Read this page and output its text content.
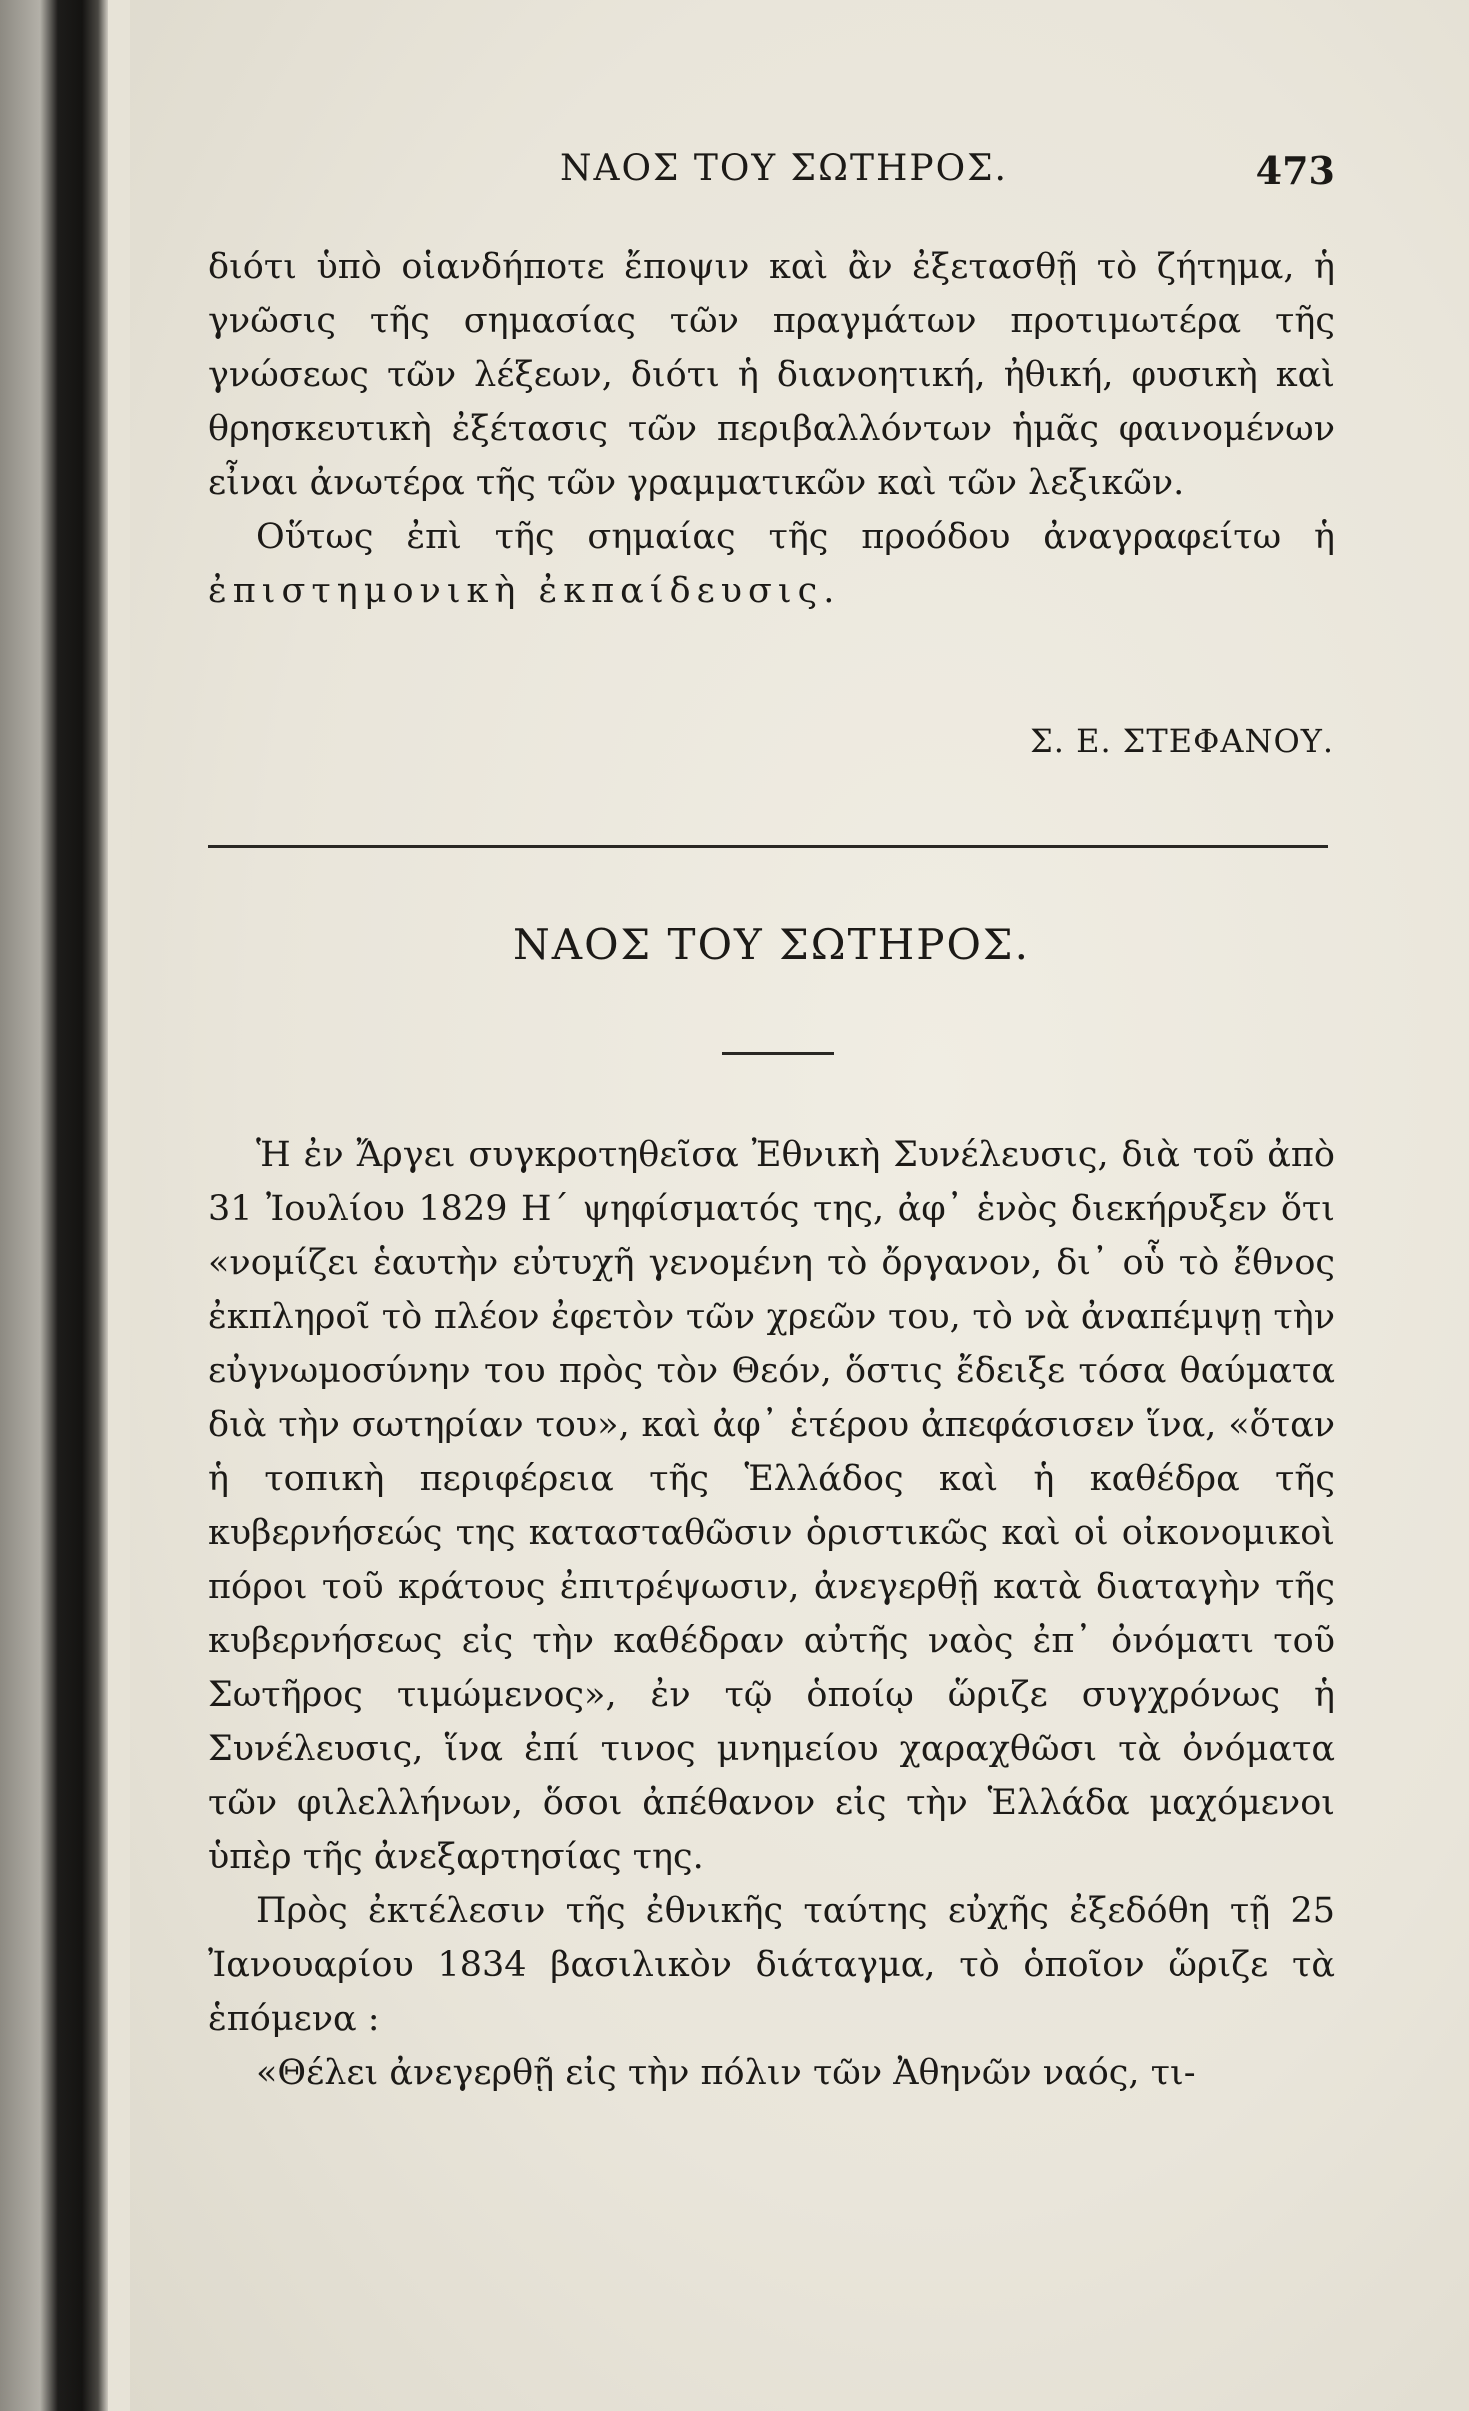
ΝΑΟΣ ΤΟΥ ΣΩΤΗΡΟΣ.	473

διότι ὑπὸ οἱανδήποτε ἔποψιν καὶ ἂν ἐξετασθῇ τὸ ζήτημα, ἡ γνῶσις τῆς σημασίας τῶν πραγμάτων προτιμωτέρα τῆς γνώσεως τῶν λέξεων, διότι ἡ διανοητική, ἠθική, φυσικὴ καὶ θρησκευτικὴ ἐξέτασις τῶν περιβαλλόντων ἡμᾶς φαινομένων εἶναι ἀνωτέρα τῆς τῶν γραμματικῶν καὶ τῶν λεξικῶν.

Οὕτως ἐπὶ τῆς σημαίας τῆς προόδου ἀναγραφείτω ἡ ἐπιστημονικὴ ἐκπαίδευσις.

Σ. Ε. ΣΤΕΦΑΝΟΥ.
ΝΑΟΣ ΤΟΥ ΣΩΤΗΡΟΣ.

Ἡ ἐν Ἄργει συγκροτηθεῖσα Ἐθνικὴ Συνέλευσις, διὰ τοῦ ἀπὸ 31 Ἰουλίου 1829 Η΄ ψηφίσματός της, ἀφ᾽ ἑνὸς διεκήρυξεν ὅτι «νομίζει ἑαυτὴν εὐτυχῆ γενομένη τὸ ὄργανον, δι᾽ οὗ τὸ ἔθνος ἐκπληροῖ τὸ πλέον ἐφετὸν τῶν χρεῶν του, τὸ νὰ ἀναπέμψῃ τὴν εὐγνωμοσύνην του πρὸς τὸν Θεόν, ὅστις ἔδειξε τόσα θαύματα διὰ τὴν σωτηρίαν του», καὶ ἀφ᾽ ἑτέρου ἀπεφάσισεν ἵνα, «ὅταν ἡ τοπικὴ περιφέρεια τῆς Ἑλλάδος καὶ ἡ καθέδρα τῆς κυβερνήσεώς της κατασταθῶσιν ὁριστικῶς καὶ οἱ οἰκονομικοὶ πόροι τοῦ κράτους ἐπιτρέψωσιν, ἀνεγερθῇ κατὰ διαταγὴν τῆς κυβερνήσεως εἰς τὴν καθέδραν αὐτῆς ναὸς ἐπ᾽ ὀνόματι τοῦ Σωτῆρος τιμώμενος», ἐν τῷ ὁποίῳ ὥριζε συγχρόνως ἡ Συνέλευσις, ἵνα ἐπί τινος μνημείου χαραχθῶσι τὰ ὀνόματα τῶν φιλελλήνων, ὅσοι ἀπέθανον εἰς τὴν Ἑλλάδα μαχόμενοι ὑπὲρ τῆς ἀνεξαρτησίας της.

Πρὸς ἐκτέλεσιν τῆς ἐθνικῆς ταύτης εὐχῆς ἐξεδόθη τῇ 25 Ἰανουαρίου 1834 βασιλικὸν διάταγμα, τὸ ὁποῖον ὥριζε τὰ ἑπόμενα :

«Θέλει ἀνεγερθῇ εἰς τὴν πόλιν τῶν Ἀθηνῶν ναός, τι-
